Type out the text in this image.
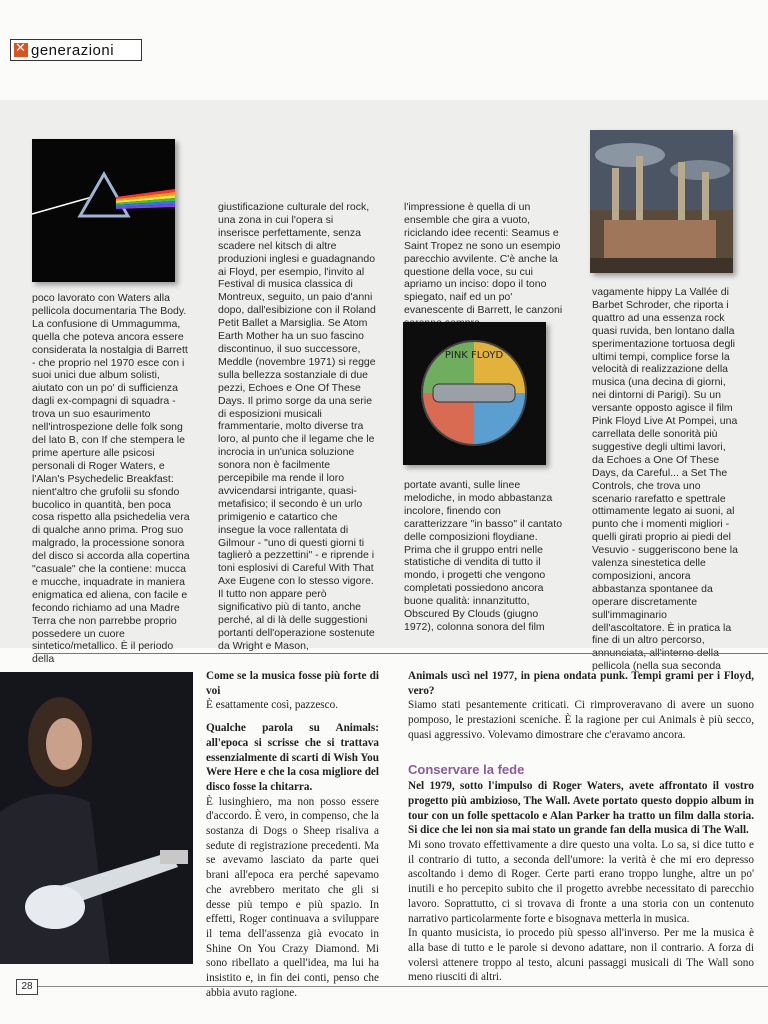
✕
generazioni
poco lavorato con Waters alla pellicola documentaria The Body. La confusione di Ummagumma, quella che poteva ancora essere considerata la nostalgia di Barrett - che proprio nel 1970 esce con i suoi unici due album solisti, aiutato con un po' di sufficienza dagli ex-compagni di squadra - trova un suo esaurimento nell'introspezione delle folk song del lato B, con If che stempera le prime aperture alle psicosi personali di Roger Waters, e l'Alan's Psychedelic Breakfast: nient'altro che grufolii su sfondo bucolico in quantità, ben poca cosa rispetto alla psichedelia vera di qualche anno prima. Prog suo malgrado, la processione sonora del disco si accorda alla copertina "casuale" che la contiene: mucca e mucche, inquadrate in maniera enigmatica ed aliena, con facile e fecondo richiamo ad una Madre Terra che non parrebbe proprio possedere un cuore sintetico/metallico. È il periodo della
giustificazione culturale del rock, una zona in cui l'opera si inserisce perfettamente, senza scadere nel kitsch di altre produzioni inglesi e guadagnando ai Floyd, per esempio, l'invito al Festival di musica classica di Montreux, seguito, un paio d'anni dopo, dall'esibizione con il Roland Petit Ballet a Marsiglia. Se Atom Earth Mother ha un suo fascino discontinuo, il suo successore, Meddle (novembre 1971) si regge sulla bellezza sostanziale di due pezzi, Echoes e One Of These Days. Il primo sorge da una serie di esposizioni musicali frammentarie, molto diverse tra loro, al punto che il legame che le incrocia in un'unica soluzione sonora non è facilmente percepibile ma rende il loro avvicendarsi intrigante, quasi-metafisico; il secondo è un urlo primigenio e catartico che inseguе la voce rallentata di Gilmour - "uno di questi giorni ti taglierò a pezzettini" - e riprende i toni esplosivi di Careful With That Axe Eugene con lo stesso vigore. Il tutto non appare però significativo più di tanto, anche perché, al di là delle suggestioni portanti dell'operazione sostenute da Wright e Mason,
l'impressione è quella di un ensemble che gira a vuoto, riciclando idee recenti: Seamus e Saint Tropez ne sono un esempio parecchio avvilente. C'è anche la questione della voce, su cui apriamo un inciso: dopo il tono spiegato, naif ed un po' evanescente di Barrett, le canzoni
PINK FLOYD
portate avanti, sulle linee melodiche, in modo abbastanza incolore, finendo con caratterizzare "in basso" il cantato delle composizioni floydiane. Prima che il gruppo entri nelle statistiche di vendita di tutto il mondo, i progetti che vengono completati possiedono ancora buone qualità: innanzitutto, Obscured By Clouds (giugno 1972), colonna sonora del film
vagamente hippy La Vallée di Barbet Schroder, che riporta i quattro ad una essenza rock quasi ruvida, ben lontano dalla sperimentazione tortuosa degli ultimi tempi, complice forse la velocità di realizzazione della musica (una decina di giorni, nei dintorni di Parigi). Su un versante opposto agisce il film Pink Floyd Live At Pompei, una carrellata delle sonorità più suggestive degli ultimi lavori, da Echoes a One Of These Days, da Careful... a Set The Controls, che trova uno scenario rarefatto e spettrale ottimamente legato ai suoni, al punto che i momenti migliori - quelli girati proprio ai piedi del Vesuvio - suggeriscono bene la valenza sinestetica delle composizioni, ancora abbastanza spontanee da operare discretamente sull'immaginario dell'ascoltatore. È in pratica la fine di un altro percorso, annunciata, all'interno della pellicola (nella sua seconda

Come se la musica fosse più forte di voi

È esattamente così, pazzesco.

Qualche parola su Animals: all'epoca si scrisse che si trattava essenzialmente di scarti di Wish You Were Here e che la cosa migliore del disco fosse la chitarra.

È lusinghiero, ma non posso essere d'accordo. È vero, in compenso, che la sostanza di Dogs o Sheep risaliva a sedute di registrazione precedenti. Ma se avevamo lasciato da parte quei brani all'epoca era perché sapevamo che avrebbero meritato che gli si desse più tempo e più spazio. In effetti, Roger continuava a sviluppare il tema dell'assenza già evocato in Shine On You Crazy Diamond. Mi sono ribellato a quell'idea, ma lui ha insistito e, in fin dei conti, penso che abbia avuto ragione.

Animals uscì nel 1977, in piena ondata punk. Tempi grami per i Floyd, vero?

Siamo stati pesantemente criticati. Ci rimproveravano di avere un suono pomposo, le prestazioni sceniche. È la ragione per cui Animals è più secco, quasi aggressivo. Volevamo dimostrare che c'eravamo ancora.

Conservare la fede

Nel 1979, sotto l'impulso di Roger Waters, avete affrontato il vostro progetto più ambizioso, The Wall. Avete portato questo doppio album in tour con un folle spettacolo e Alan Parker ha tratto un film dalla storia. Si dice che lei non sia mai stato un grande fan della musica di The Wall.

Mi sono trovato effettivamente a dire questo una volta. Lo sa, si dice tutto e il contrario di tutto, a seconda dell'umore: la verità è che mi ero depresso ascoltando i demo di Roger. Certe parti erano troppo lunghe, altre un po' inutili e ho percepito subito che il progetto avrebbe necessitato di parecchio lavoro. Soprattutto, ci si trovava di fronte a una storia con un contenuto narrativo particolarmente forte e bisognava metterla in musica.

In quanto musicista, io procedo più spesso all'inverso. Per me la musica è alla base di tutto e le parole si devono adattare, non il contrario. A forza di volersi attenere troppo al testo, alcuni passaggi musicali di The Wall sono meno riusciti di altri.

28
